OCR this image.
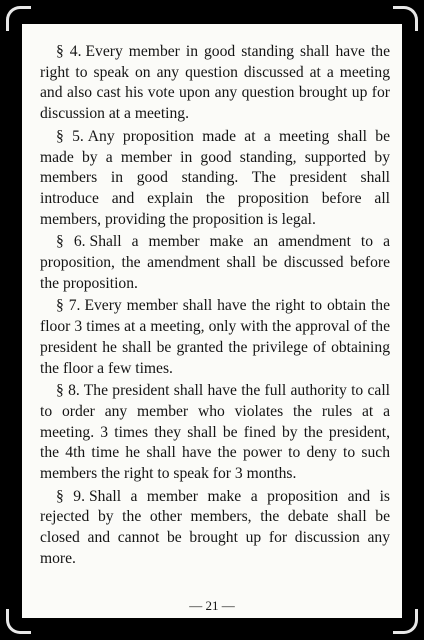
§ 4. Every member in good standing shall have the right to speak on any question discussed at a meeting and also cast his vote upon any question brought up for discussion at a meeting.

§ 5. Any proposition made at a meeting shall be made by a member in good standing, supported by members in good standing. The president shall introduce and explain the proposition before all members, providing the proposition is legal.

§ 6. Shall a member make an amendment to a proposition, the amendment shall be discussed before the proposition.

§ 7. Every member shall have the right to obtain the floor 3 times at a meeting, only with the approval of the president he shall be granted the privilege of obtaining the floor a few times.

§ 8. The president shall have the full authority to call to order any member who violates the rules at a meeting. 3 times they shall be fined by the president, the 4th time he shall have the power to deny to such members the right to speak for 3 months.

§ 9. Shall a member make a proposition and is rejected by the other members, the debate shall be closed and cannot be brought up for discussion any more.

— 21 —
